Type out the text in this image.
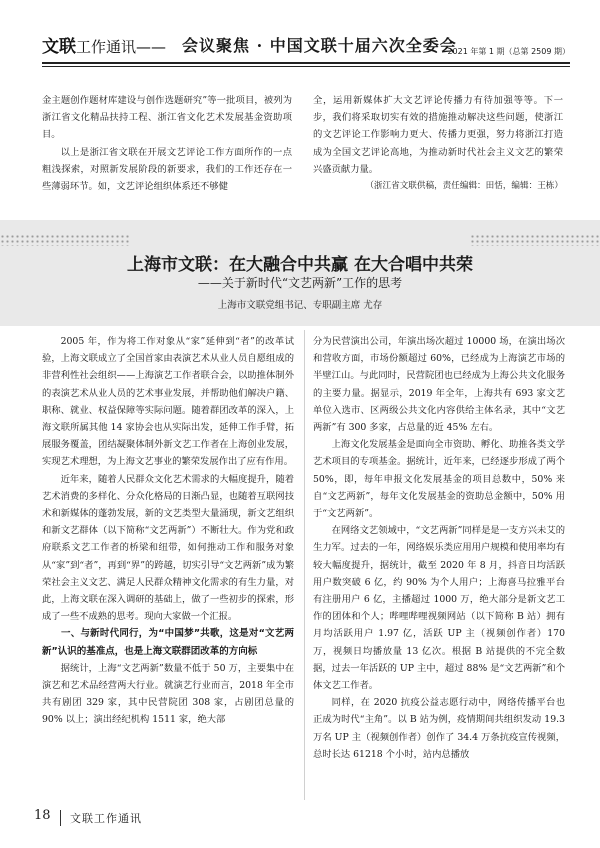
文联工作通讯—— 会议聚焦 · 中国文联十届六次全委会
2021 年第 1 期（总第 2509 期）

金主题创作题材库建设与创作选题研究”等一批项目，被列为浙江省文化精品扶持工程、浙江省文化艺术发展基金资助项目。

以上是浙江省文联在开展文艺评论工作方面所作的一点粗浅探索，对照新发展阶段的新要求，我们的工作还存在一些薄弱环节。如，文艺评论组织体系还不够健

全，运用新媒体扩大文艺评论传播力有待加强等等。下一步，我们将采取切实有效的措施推动解决这些问题，使浙江的文艺评论工作影响力更大、传播力更强，努力将浙江打造成为全国文艺评论高地，为推动新时代社会主义文艺的繁荣兴盛贡献力量。

（浙江省文联供稿，责任编辑：田恬，编辑：王栋）

上海市文联：在大融合中共赢 在大合唱中共荣
——关于新时代“文艺两新”工作的思考
上海市文联党组书记、专职副主席 尤存

2005 年，作为将工作对象从“家”延伸到“者”的改革试验，上海文联成立了全国首家由表演艺术从业人员自愿组成的非营利性社会组织——上海演艺工作者联合会，以助推体制外的表演艺术从业人员的艺术事业发展，并帮助他们解决户籍、职称、就业、权益保障等实际问题。随着群团改革的深入，上海文联所属其他 14 家协会也从实际出发，延伸工作手臂，拓展服务覆盖，团结凝聚体制外新文艺工作者在上海创业发展，实现艺术理想，为上海文艺事业的繁荣发展作出了应有作用。

近年来，随着人民群众文化艺术需求的大幅度提升，随着艺术消费的多样化、分众化格局的日渐凸显，也随着互联网技术和新媒体的蓬勃发展，新的文艺类型大量涌现，新文艺组织和新文艺群体（以下简称“文艺两新”）不断壮大。作为党和政府联系文艺工作者的桥梁和纽带，如何推动工作和服务对象从“家”到“者”，再到“界”的跨越，切实引导“文艺两新”成为繁荣社会主义文艺、满足人民群众精神文化需求的有生力量，对此，上海文联在深入调研的基础上，做了一些初步的探索，形成了一些不成熟的思考。现向大家做一个汇报。

一、与新时代同行，为“中国梦”共歌，这是对“文艺两新”认识的基准点，也是上海文联群团改革的方向标

据统计，上海“文艺两新”数量不低于 50 万，主要集中在演艺和艺术品经营两大行业。就演艺行业而言，2018 年全市共有剧团 329 家，其中民营院团 308 家，占剧团总量的 90% 以上；演出经纪机构 1511 家，绝大部

分为民营演出公司，年演出场次超过 10000 场，在演出场次和营收方面，市场份额超过 60%，已经成为上海演艺市场的半壁江山。与此同时，民营院团也已经成为上海公共文化服务的主要力量。据显示，2019 年全年，上海共有 693 家文艺单位入选市、区两级公共文化内容供给主体名录，其中“文艺两新”有 300 多家，占总量的近 45% 左右。

上海文化发展基金是面向全市资助、孵化、助推各类文学艺术项目的专项基金。据统计，近年来，已经逐步形成了两个 50%，即，每年申报文化发展基金的项目总数中，50% 来自“文艺两新”，每年文化发展基金的资助总金额中，50% 用于“文艺两新”。

在网络文艺领域中，“文艺两新”同样是是一支方兴未艾的生力军。过去的一年，网络娱乐类应用用户规模和使用率均有较大幅度提升，据统计，截至 2020 年 8 月，抖音日均活跃用户数突破 6 亿，约 90% 为个人用户；上海喜马拉雅平台有注册用户 6 亿，主播超过 1000 万，绝大部分是新文艺工作的团体和个人；哔哩哔哩视频网站（以下简称 B 站）拥有月均活跃用户 1.97 亿，活跃 UP 主（视频创作者）170 万，视频日均播放量 13 亿次。根据 B 站提供的不完全数据，过去一年活跃的 UP 主中，超过 88% 是“文艺两新”和个体文艺工作者。

同样，在 2020 抗疫公益志愿行动中，网络传播平台也正成为时代“主角”。以 B 站为例，疫情期间共组织发动 19.3 万名 UP 主（视频创作者）创作了 34.4 万条抗疫宣传视频，总时长达 61218 个小时，站内总播放

18 文联工作通讯
